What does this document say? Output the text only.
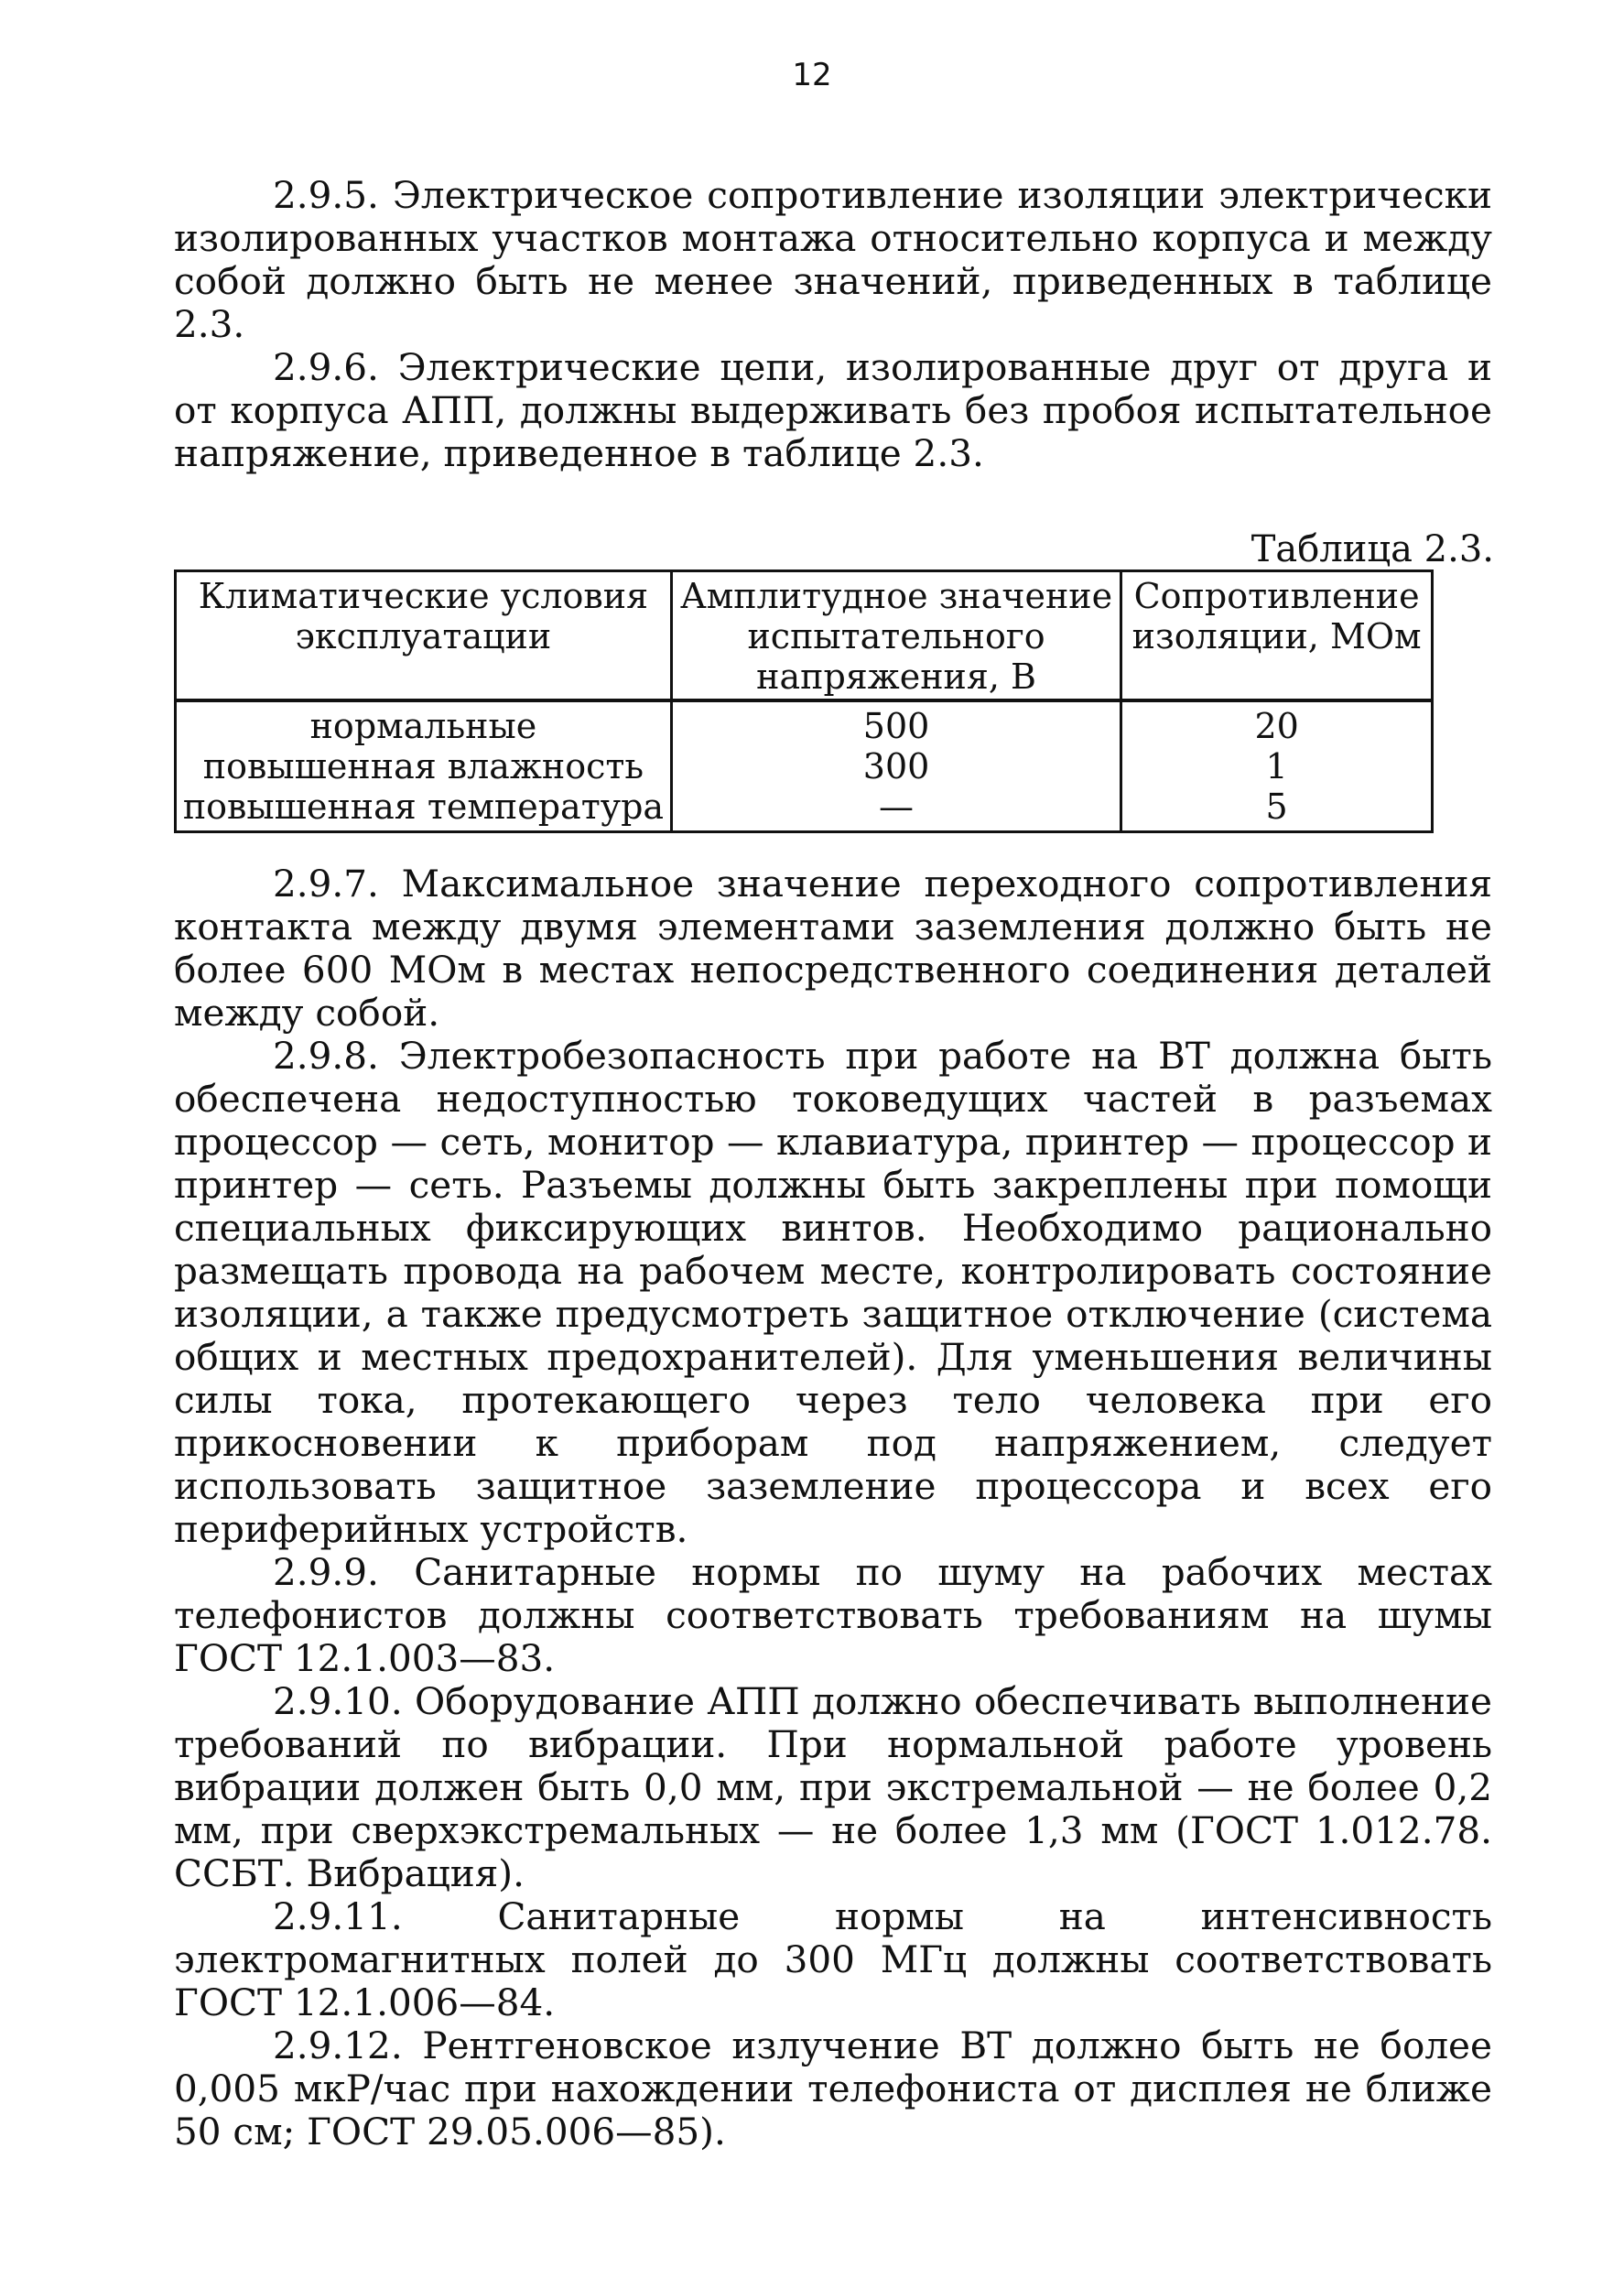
12

2.9.5. Электрическое сопротивление изоляции электрически изолированных участков монтажа относительно корпуса и между собой должно быть не менее значений, приведенных в таблице 2.3.

2.9.6. Электрические цепи, изолированные друг от друга и от корпуса АПП, должны выдерживать без пробоя испытательное напряжение, приведенное в таблице 2.3.

Таблица 2.3.
Климатические условия эксплуатации	Амплитудное значение испытательного напряжения, В	Сопротивление изоляции, МОм
нормальные	500	20
повышенная влажность	300	1
повышенная температура	—	5

2.9.7. Максимальное значение переходного сопротивления контакта между двумя элементами заземления должно быть не более 600 МОм в местах непосредственного соединения деталей между собой.

2.9.8. Электробезопасность при работе на ВТ должна быть обеспечена недоступностью токоведущих частей в разъемах процессор — сеть, монитор — клавиатура, принтер — процессор и принтер — сеть. Разъемы должны быть закреплены при помощи специальных фиксирующих винтов. Необходимо рационально размещать провода на рабочем месте, контролировать состояние изоляции, а также предусмотреть защитное отключение (система общих и местных предохранителей). Для уменьшения величины силы тока, протекающего через тело человека при его прикосновении к приборам под напряжением, следует использовать защитное заземление процессора и всех его периферийных устройств.

2.9.9. Санитарные нормы по шуму на рабочих местах телефонистов должны соответствовать требованиям на шумы ГОСТ 12.1.003—83.

2.9.10. Оборудование АПП должно обеспечивать выполнение требований по вибрации. При нормальной работе уровень вибрации должен быть 0,0 мм, при экстремальной — не более 0,2 мм, при сверхэкстремальных — не более 1,3 мм (ГОСТ 1.012.78. ССБТ. Вибрация).

2.9.11. Санитарные нормы на интенсивность электромагнитных полей до 300 МГц должны соответствовать ГОСТ 12.1.006—84.

2.9.12. Рентгеновское излучение ВТ должно быть не более 0,005 мкР/час при нахождении телефониста от дисплея не ближе 50 см; ГОСТ 29.05.006—85).
